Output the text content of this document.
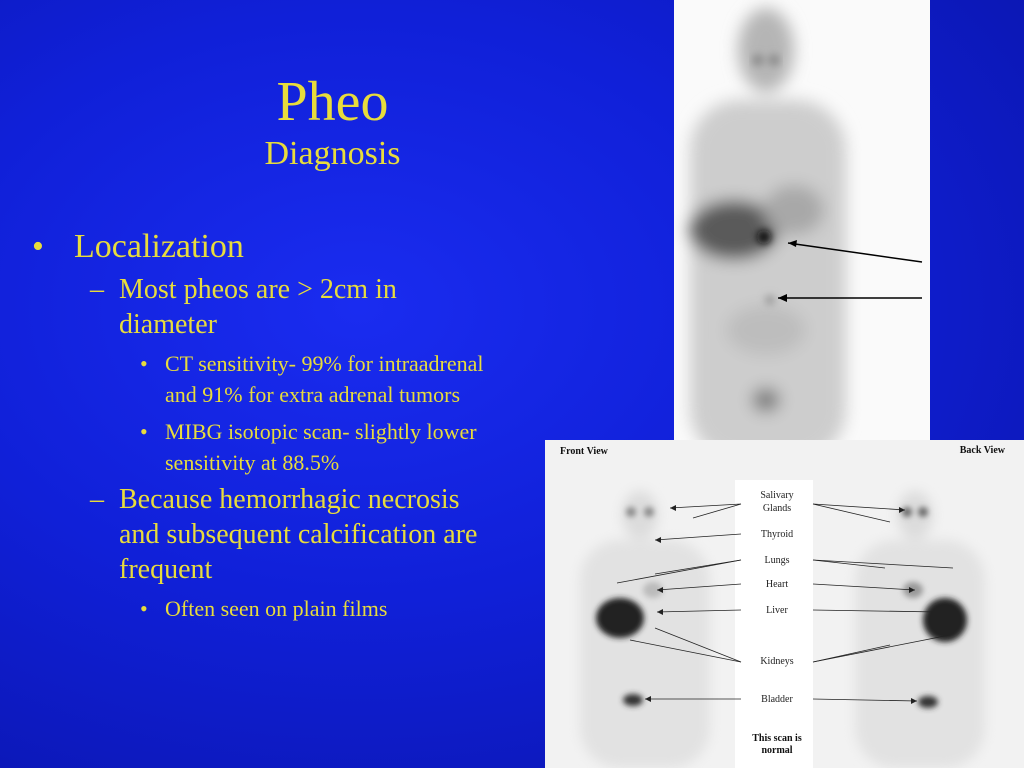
Pheo
Diagnosis
• Localization
– Most pheos are > 2cm in diameter
• CT sensitivity- 99% for intraadrenal and 91% for extra adrenal tumors
• MIBG isotopic scan- slightly lower sensitivity at 88.5%
– Because hemorrhagic necrosis and subsequent calcification are frequent
• Often seen on plain films
Front View	Back View
Salivary
Glands
Thyroid
Lungs
Heart
Liver
Kidneys
Bladder
This scan is
normal
